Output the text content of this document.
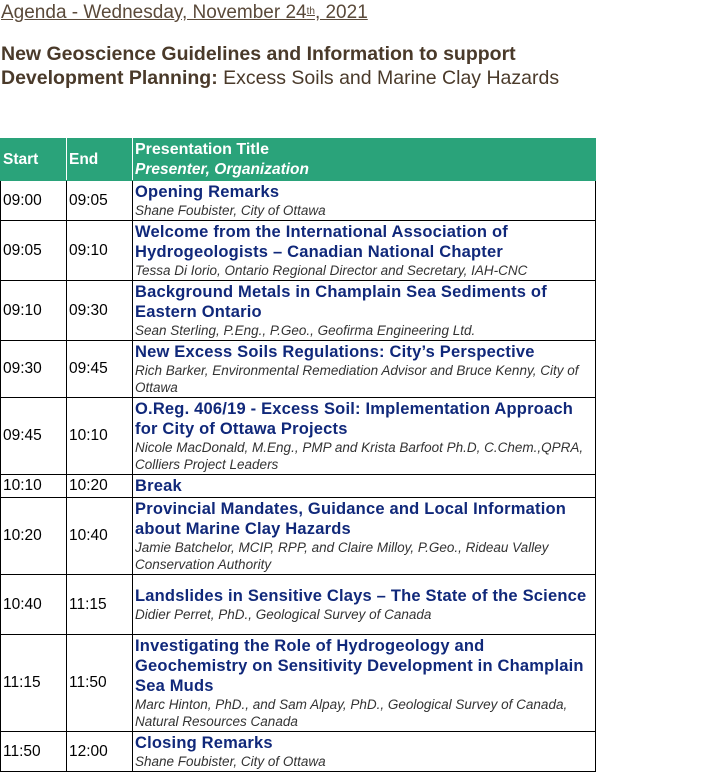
Agenda - Wednesday, November 24th, 2021
New Geoscience Guidelines and Information to support Development Planning: Excess Soils and Marine Clay Hazards
Start	End	Presentation Title
Presenter, Organization

09:00	09:05	Opening Remarks
Shane Foubister, City of Ottawa

09:05	09:10	Welcome from the International Association of Hydrogeologists – Canadian National Chapter
Tessa Di Iorio, Ontario Regional Director and Secretary, IAH-CNC

09:10	09:30	Background Metals in Champlain Sea Sediments of Eastern Ontario
Sean Sterling, P.Eng., P.Geo., Geofirma Engineering Ltd.

09:30	09:45	New Excess Soils Regulations: City’s Perspective
Rich Barker, Environmental Remediation Advisor and Bruce Kenny, City of Ottawa

09:45	10:10	O.Reg. 406/19 - Excess Soil: Implementation Approach for City of Ottawa Projects
Nicole MacDonald, M.Eng., PMP and Krista Barfoot Ph.D, C.Chem.,QPRA, Colliers Project Leaders

10:10	10:20	Break

10:20	10:40	Provincial Mandates, Guidance and Local Information about Marine Clay Hazards
Jamie Batchelor, MCIP, RPP, and Claire Milloy, P.Geo., Rideau Valley Conservation Authority

10:40	11:15	Landslides in Sensitive Clays – The State of the Science
Didier Perret, PhD., Geological Survey of Canada

11:15	11:50	Investigating the Role of Hydrogeology and Geochemistry on Sensitivity Development in Champlain Sea Muds
Marc Hinton, PhD., and Sam Alpay, PhD., Geological Survey of Canada, Natural Resources Canada

11:50	12:00	Closing Remarks
Shane Foubister, City of Ottawa
